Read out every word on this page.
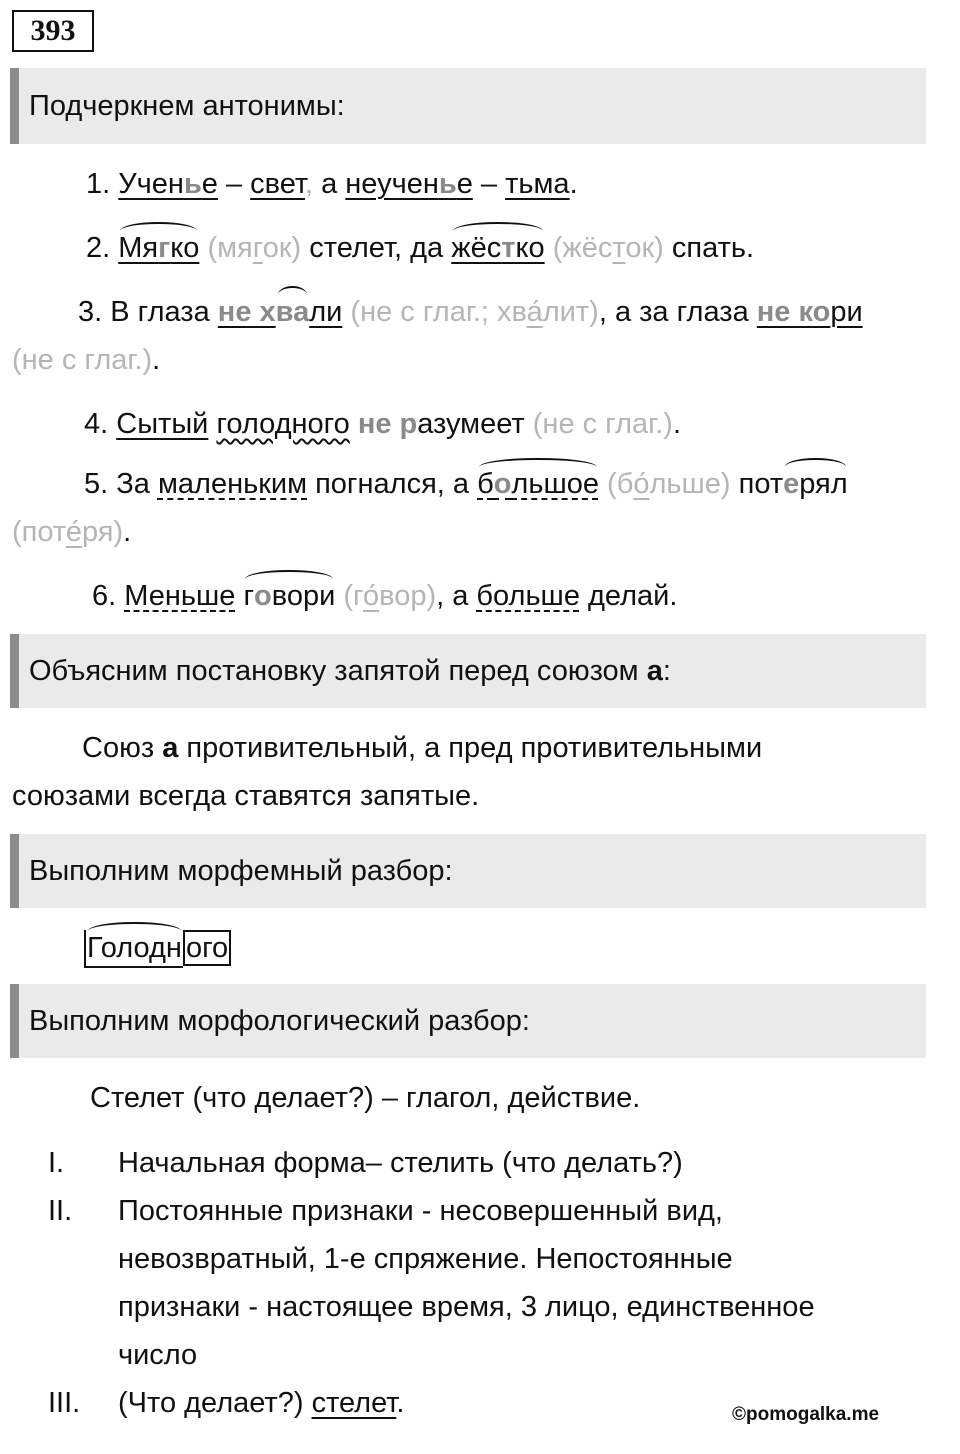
393
Подчеркнем антонимы:
1. Ученье – свет, а неученье – тьма.
2. Мягко (мягок) стелет, да жёстко (жёсток) спать.
3. В глаза не хвали (не с глаг.; хва́лит), а за глаза не кори
(не с глаг.).
4. Сытый голодного не разумеет (не с глаг.).
5. За маленьким погнался, а большое (бо́льше) потерял
(поте́ря).
6. Меньше говори (го́вор), а больше делай.
Объясним постановку запятой перед союзом а:
Союз а противительный, а пред противительными
союзами всегда ставятся запятые.
Выполним морфемный разбор:
Голодн ого
Выполним морфологический разбор:
Стелет (что делает?) – глагол, действие.
I. Начальная форма– стелить (что делать?)
II. Постоянные признаки - несовершенный вид,
невозвратный, 1-е спряжение. Непостоянные
признаки - настоящее время, 3 лицо, единственное
число
III. (Что делает?) стелет.	©pomogalka.me
